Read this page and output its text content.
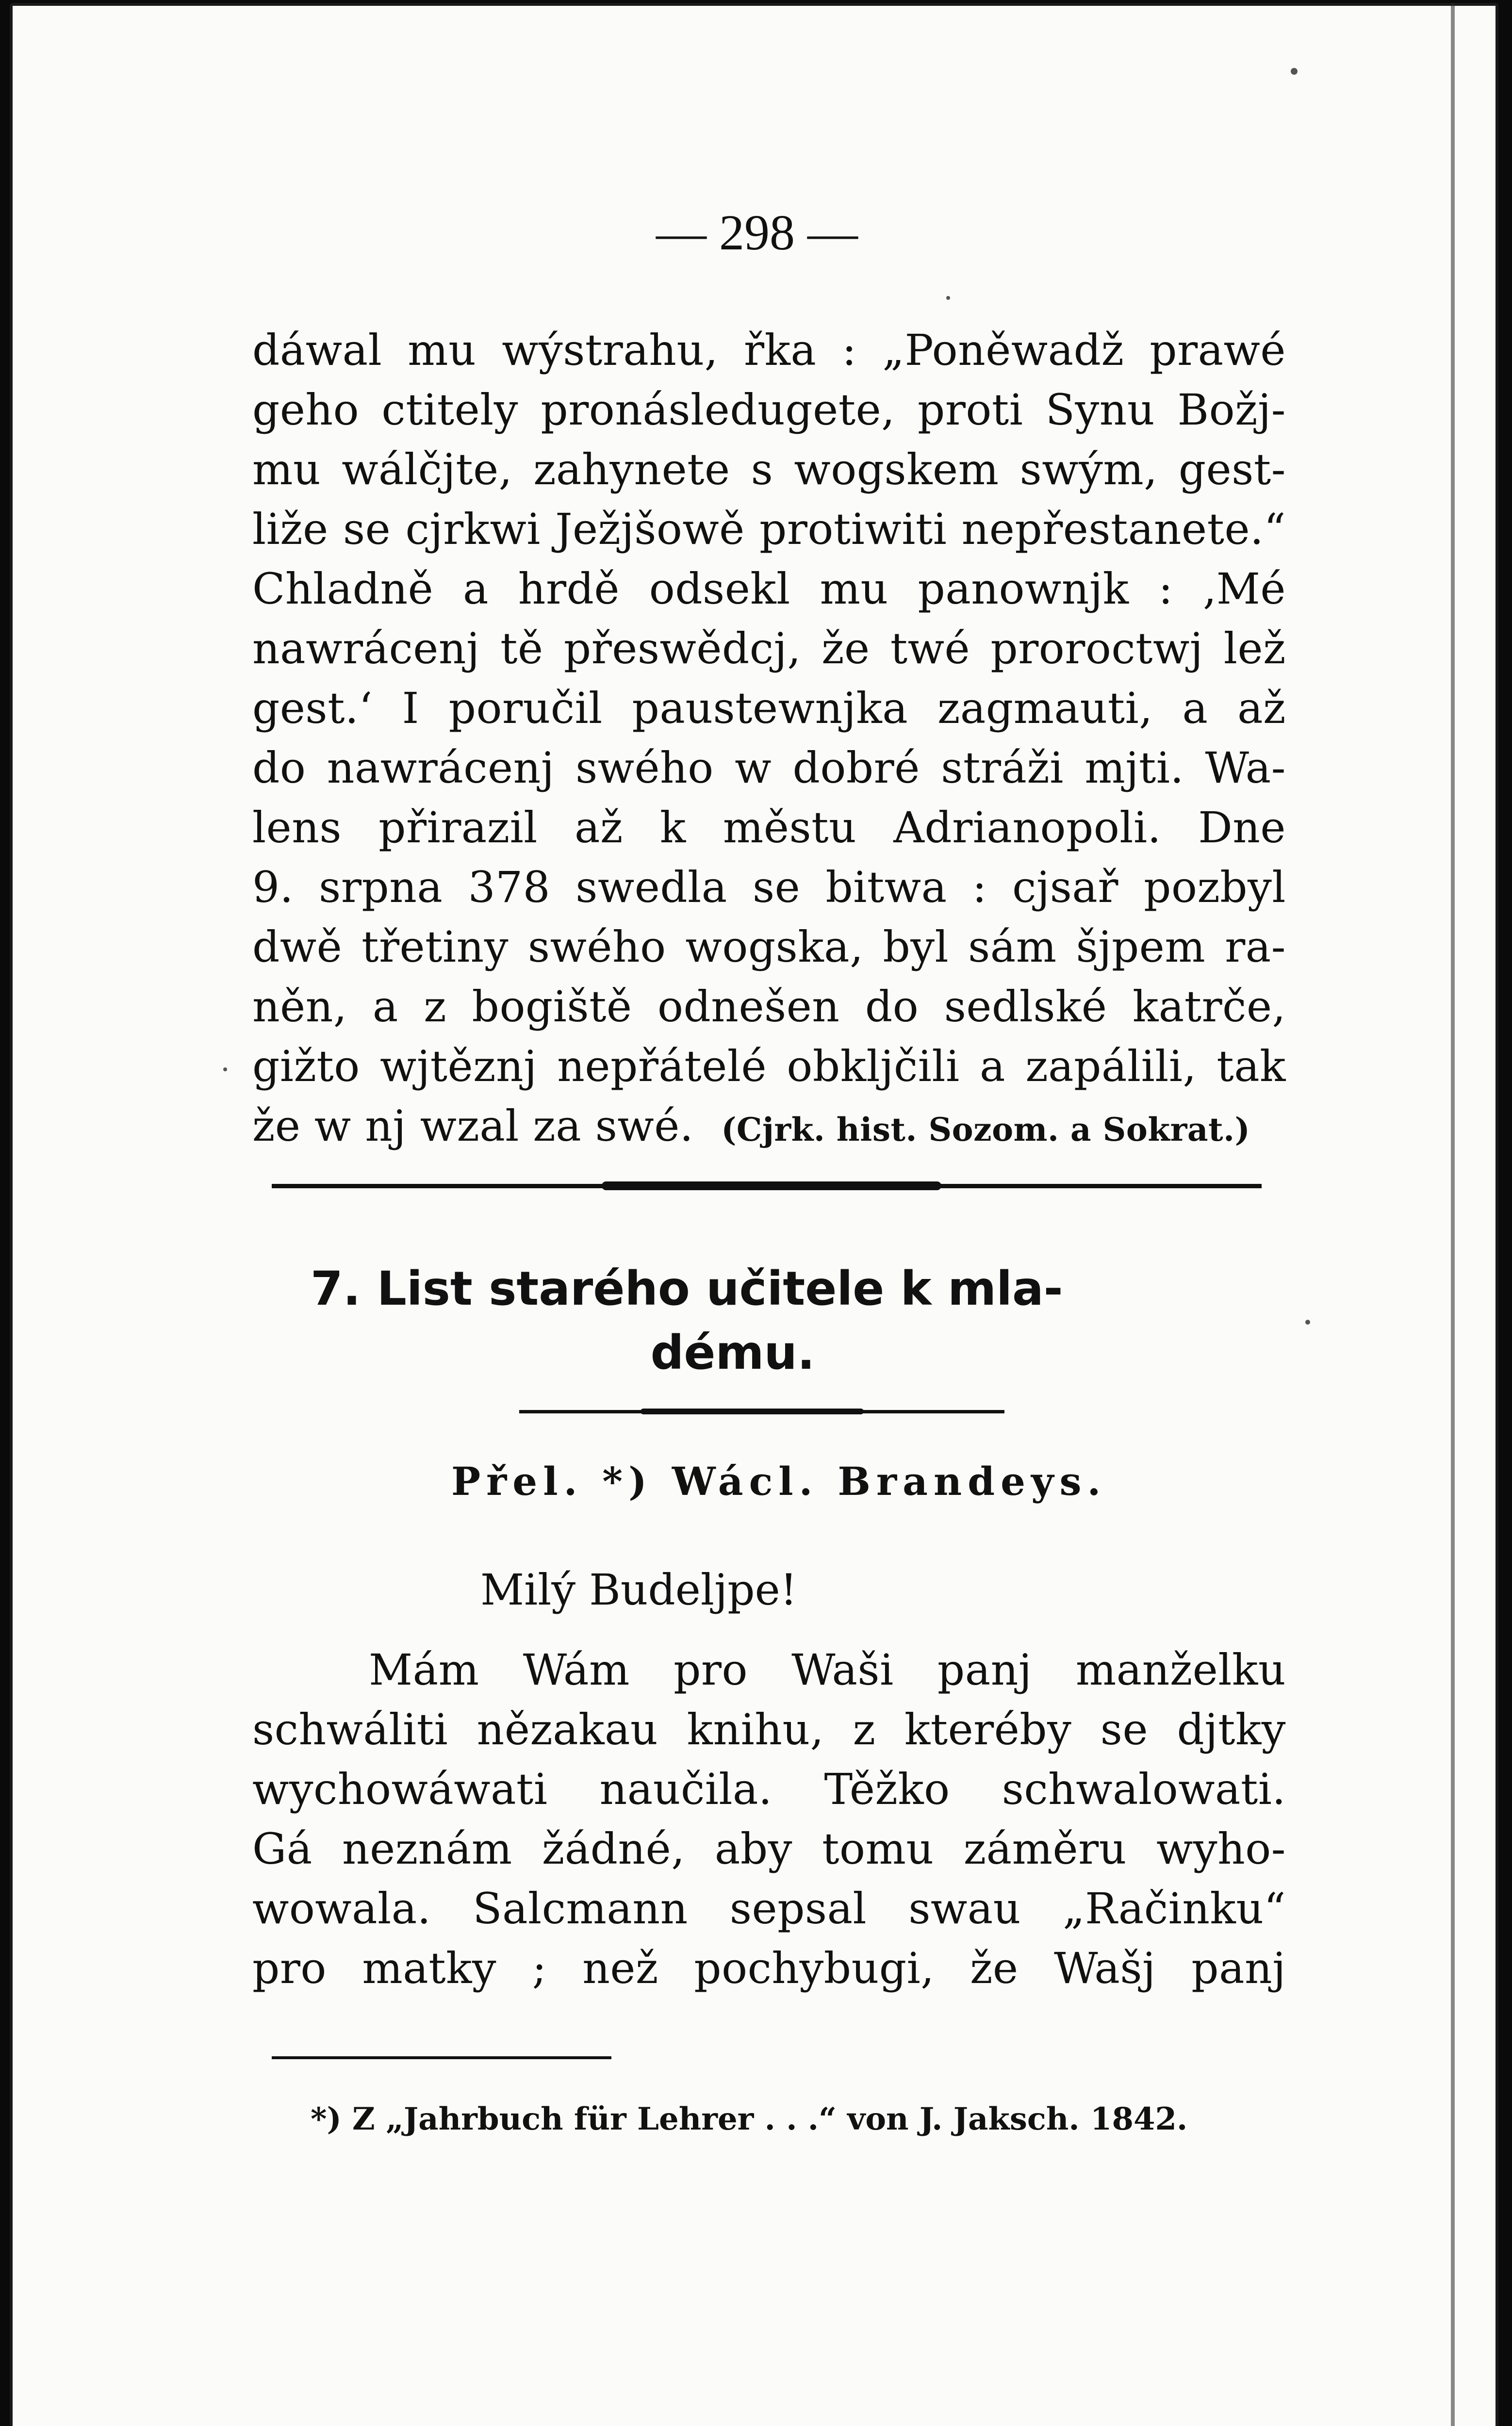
— 298 —
dáwal mu wýstrahu, řka : „Poněwadž prawé
geho ctitely pronásledugete, proti Synu Božj-
mu wálčjte, zahynete s wogskem swým, gest-
liže se cjrkwi Ježjšowě protiwiti nepřestanete.“
Chladně a hrdě odsekl mu panownjk : ‚Mé
nawrácenj tě přeswědcj, že twé proroctwj lež
gest.‘ I poručil paustewnjka zagmauti, a až
do nawrácenj swého w dobré stráži mjti. Wa-
lens přirazil až k městu Adrianopoli. Dne
9. srpna 378 swedla se bitwa : cjsař pozbyl
dwě třetiny swého wogska, byl sám šjpem ra-
něn, a z bogiště odnešen do sedlské katrče,
gižto wjtěznj nepřátelé obkljčili a zapálili, tak
že w nj wzal za swé. (Cjrk. hist. Sozom. a Sokrat.)
7. List starého učitele k mla-
dému.
Přel. *) Wácl. Brandeys.
Milý Budeljpe!
Mám Wám pro Waši panj manželku
schwáliti nězakau knihu, z kteréby se djtky
wychowáwati naučila. Těžko schwalowati.
Gá neznám žádné, aby tomu záměru wyho-
wowala. Salcmann sepsal swau „Račinku“
pro matky ; než pochybugi, že Wašj panj
*) Z „Jahrbuch für Lehrer . . .“ von J. Jaksch. 1842.
